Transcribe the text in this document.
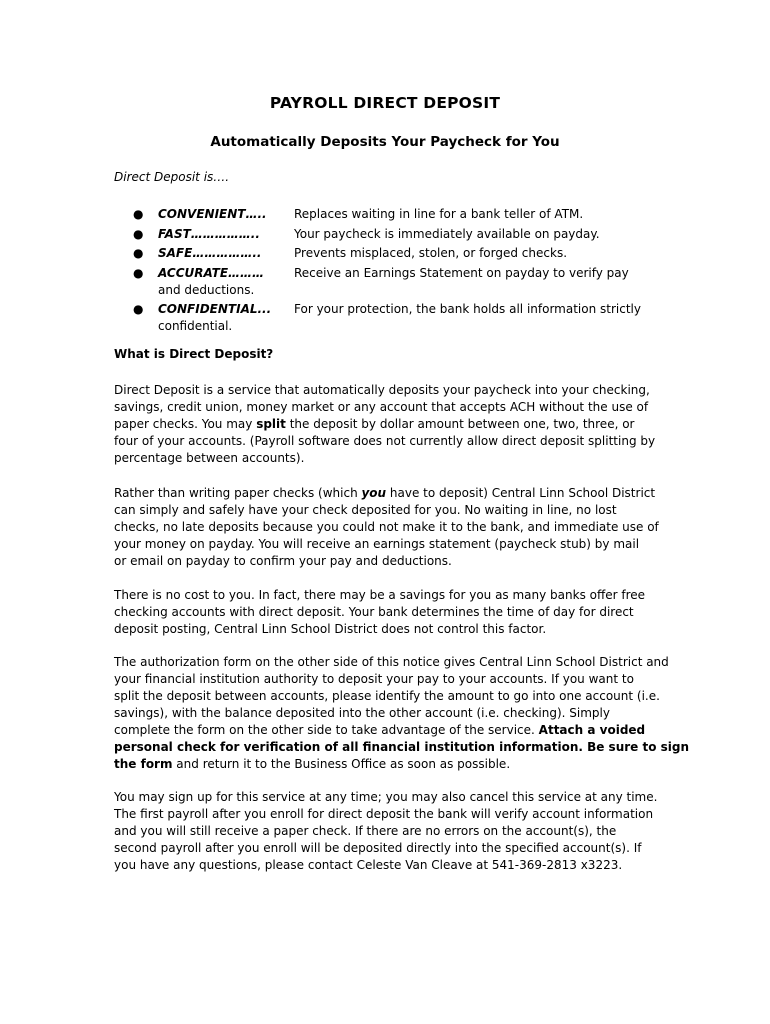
PAYROLL DIRECT DEPOSIT
Automatically Deposits Your Paycheck for You
Direct Deposit is….
● CONVENIENT….. Replaces waiting in line for a bank teller of ATM.
● FAST……………..	Your paycheck is immediately available on payday.
● SAFE……………..	Prevents misplaced, stolen, or forged checks.
● ACCURATE……… Receive an Earnings Statement on payday to verify pay
and deductions.
● CONFIDENTIAL... For your protection, the bank holds all information strictly
confidential.
What is Direct Deposit?
Direct Deposit is a service that automatically deposits your paycheck into your checking,
savings, credit union, money market or any account that accepts ACH without the use of
paper checks. You may split the deposit by dollar amount between one, two, three, or
four of your accounts. (Payroll software does not currently allow direct deposit splitting by
percentage between accounts).
Rather than writing paper checks (which you have to deposit) Central Linn School District
can simply and safely have your check deposited for you. No waiting in line, no lost
checks, no late deposits because you could not make it to the bank, and immediate use of
your money on payday. You will receive an earnings statement (paycheck stub) by mail
or email on payday to confirm your pay and deductions.
There is no cost to you. In fact, there may be a savings for you as many banks offer free
checking accounts with direct deposit. Your bank determines the time of day for direct
deposit posting, Central Linn School District does not control this factor.
The authorization form on the other side of this notice gives Central Linn School District and
your financial institution authority to deposit your pay to your accounts. If you want to
split the deposit between accounts, please identify the amount to go into one account (i.e.
savings), with the balance deposited into the other account (i.e. checking). Simply
complete the form on the other side to take advantage of the service. Attach a voided
personal check for verification of all financial institution information. Be sure to sign
the form and return it to the Business Office as soon as possible.
You may sign up for this service at any time; you may also cancel this service at any time.
The first payroll after you enroll for direct deposit the bank will verify account information
and you will still receive a paper check. If there are no errors on the account(s), the
second payroll after you enroll will be deposited directly into the specified account(s). If
you have any questions, please contact Celeste Van Cleave at 541-369-2813 x3223.
